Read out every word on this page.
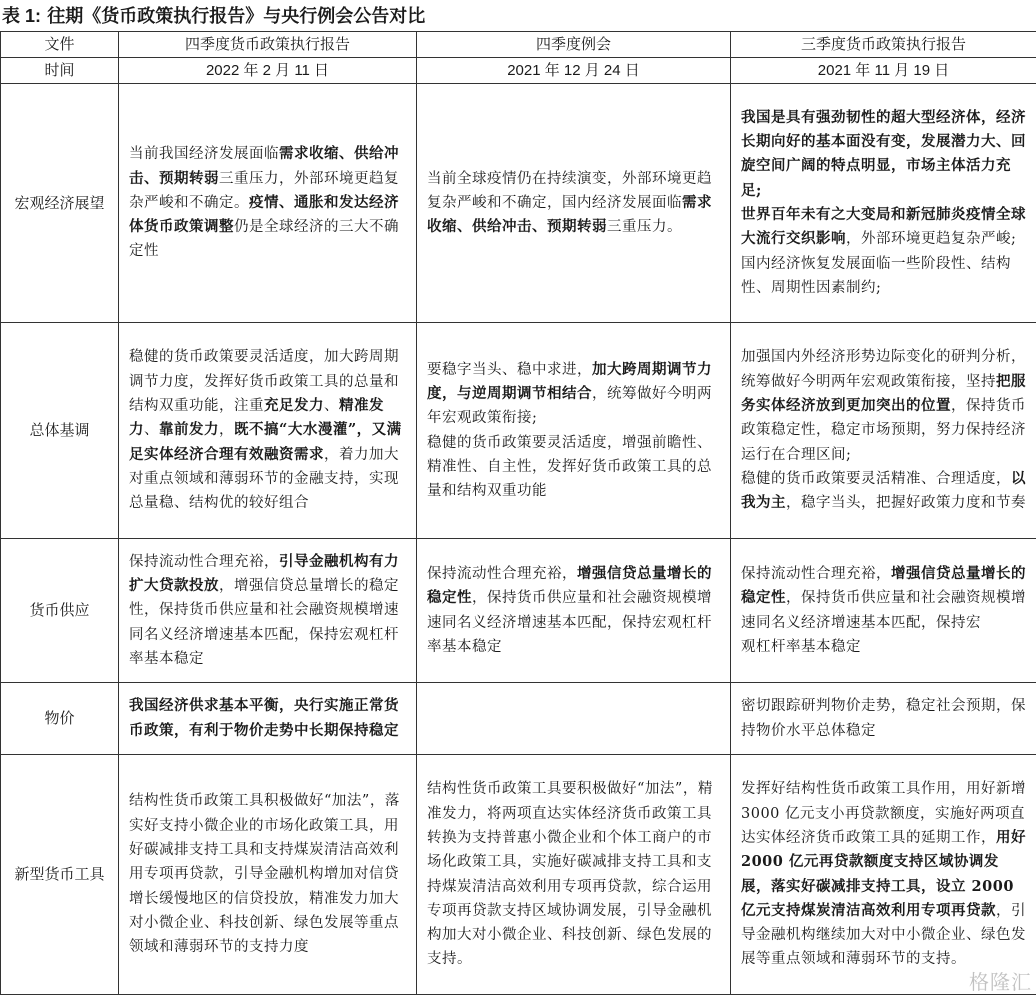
表 1: 往期《货币政策执行报告》与央行例会公告对比
文件	四季度货币政策执行报告	四季度例会	三季度货币政策执行报告
时间	2022 年 2 月 11 日	2021 年 12 月 24 日	2021 年 11 月 19 日
宏观经济展望	当前我国经济发展面临需求收缩、供给冲击、预期转弱三重压力，外部环境更趋复杂严峻和不确定。疫情、通胀和发达经济体货币政策调整仍是全球经济的三大不确定性	当前全球疫情仍在持续演变，外部环境更趋复杂严峻和不确定，国内经济发展面临需求收缩、供给冲击、预期转弱三重压力。	我国是具有强劲韧性的超大型经济体，经济长期向好的基本面没有变，发展潜力大、回旋空间广阔的特点明显，市场主体活力充足;
世界百年未有之大变局和新冠肺炎疫情全球大流行交织影响，外部环境更趋复杂严峻;
国内经济恢复发展面临一些阶段性、结构性、周期性因素制约;
总体基调	稳健的货币政策要灵活适度，加大跨周期调节力度，发挥好货币政策工具的总量和结构双重功能，注重充足发力、精准发力、靠前发力，既不搞“大水漫灌”，又满足实体经济合理有效融资需求，着力加大对重点领域和薄弱环节的金融支持，实现总量稳、结构优的较好组合	要稳字当头、稳中求进，加大跨周期调节力度，与逆周期调节相结合，统筹做好今明两年宏观政策衔接;
稳健的货币政策要灵活适度，增强前瞻性、精准性、自主性，发挥好货币政策工具的总量和结构双重功能	加强国内外经济形势边际变化的研判分析，统筹做好今明两年宏观政策衔接，坚持把服务实体经济放到更加突出的位置，保持货币政策稳定性，稳定市场预期，努力保持经济运行在合理区间;
稳健的货币政策要灵活精准、合理适度，以我为主，稳字当头，把握好政策力度和节奏
货币供应	保持流动性合理充裕，引导金融机构有力扩大贷款投放，增强信贷总量增长的稳定性，保持货币供应量和社会融资规模增速同名义经济增速基本匹配，保持宏观杠杆率基本稳定	保持流动性合理充裕，增强信贷总量增长的稳定性，保持货币供应量和社会融资规模增速同名义经济增速基本匹配，保持宏观杠杆率基本稳定	保持流动性合理充裕，增强信贷总量增长的稳定性，保持货币供应量和社会融资规模增速同名义经济增速基本匹配，保持宏
观杠杆率基本稳定
物价	我国经济供求基本平衡，央行实施正常货币政策，有利于物价走势中长期保持稳定		密切跟踪研判物价走势，稳定社会预期，保持物价水平总体稳定
新型货币工具	结构性货币政策工具积极做好“加法”，落实好支持小微企业的市场化政策工具，用好碳减排支持工具和支持煤炭清洁高效利用专项再贷款，引导金融机构增加对信贷增长缓慢地区的信贷投放，精准发力加大对小微企业、科技创新、绿色发展等重点领域和薄弱环节的支持力度	结构性货币政策工具要积极做好“加法”，精准发力，将两项直达实体经济货币政策工具转换为支持普惠小微企业和个体工商户的市场化政策工具，实施好碳减排支持工具和支持煤炭清洁高效利用专项再贷款，综合运用专项再贷款支持区域协调发展，引导金融机构加大对小微企业、科技创新、绿色发展的支持。	发挥好结构性货币政策工具作用，用好新增 3000 亿元支小再贷款额度，实施好两项直达实体经济货币政策工具的延期工作，用好 2000 亿元再贷款额度支持区域协调发展，落实好碳减排支持工具，设立 2000 亿元支持煤炭清洁高效利用专项再贷款，引导金融机构继续加大对中小微企业、绿色发展等重点领域和薄弱环节的支持。
格隆汇
